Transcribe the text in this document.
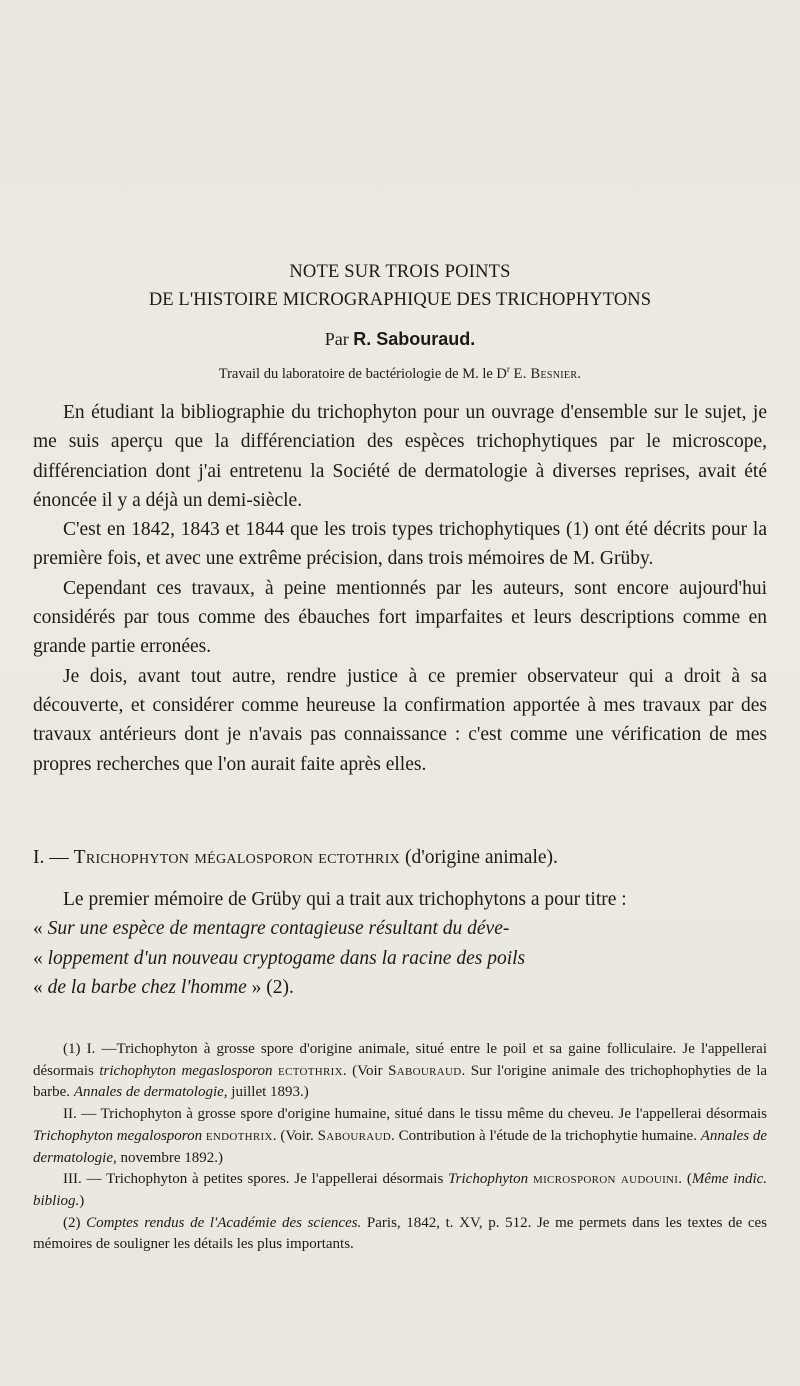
NOTE SUR TROIS POINTS
DE L'HISTOIRE MICROGRAPHIQUE DES TRICHOPHYTONS
Par R. Sabouraud.
Travail du laboratoire de bactériologie de M. le $D^r$ E. Besnier.

En étudiant la bibliographie du trichophyton pour un ouvrage d'ensemble sur le sujet, je me suis aperçu que la différenciation des espèces trichophytiques par le microscope, différenciation dont j'ai entretenu la Société de dermatologie à diverses reprises, avait été énoncée il y a déjà un demi-siècle.

C'est en 1842, 1843 et 1844 que les trois types trichophytiques (1) ont été décrits pour la première fois, et avec une extrême précision, dans trois mémoires de M. Grüby.

Cependant ces travaux, à peine mentionnés par les auteurs, sont encore aujourd'hui considérés par tous comme des ébauches fort imparfaites et leurs descriptions comme en grande partie erronées.

Je dois, avant tout autre, rendre justice à ce premier observateur qui a droit à sa découverte, et considérer comme heureuse la confirmation apportée à mes travaux par des travaux antérieurs dont je n'avais pas connaissance : c'est comme une vérification de mes propres recherches que l'on aurait faite après elles.

I. — Trichophyton mégalosporon ectothrix (d'origine animale).

Le premier mémoire de Grüby qui a trait aux trichophytons a pour titre :

« Sur une espèce de mentagre contagieuse résultant du déve-

« loppement d'un nouveau cryptogame dans la racine des poils

« de la barbe chez l'homme » (2).

(1) I. —Trichophyton à grosse spore d'origine animale, situé entre le poil et sa gaine folliculaire. Je l'appellerai désormais trichophyton megaslosporon ectothrix. (Voir Sabouraud. Sur l'origine animale des trichophophyties de la barbe. Annales de dermatologie, juillet 1893.)

II. — Trichophyton à grosse spore d'origine humaine, situé dans le tissu même du cheveu. Je l'appellerai désormais Trichophyton megalosporon endothrix. (Voir. Sabouraud. Contribution à l'étude de la trichophytie humaine. Annales de dermatologie, novembre 1892.)

III. — Trichophyton à petites spores. Je l'appellerai désormais Trichophyton microsporon audouini. (Même indic. bibliog.)

(2) Comptes rendus de l'Académie des sciences. Paris, 1842, t. XV, p. 512. Je me permets dans les textes de ces mémoires de souligner les détails les plus importants.
